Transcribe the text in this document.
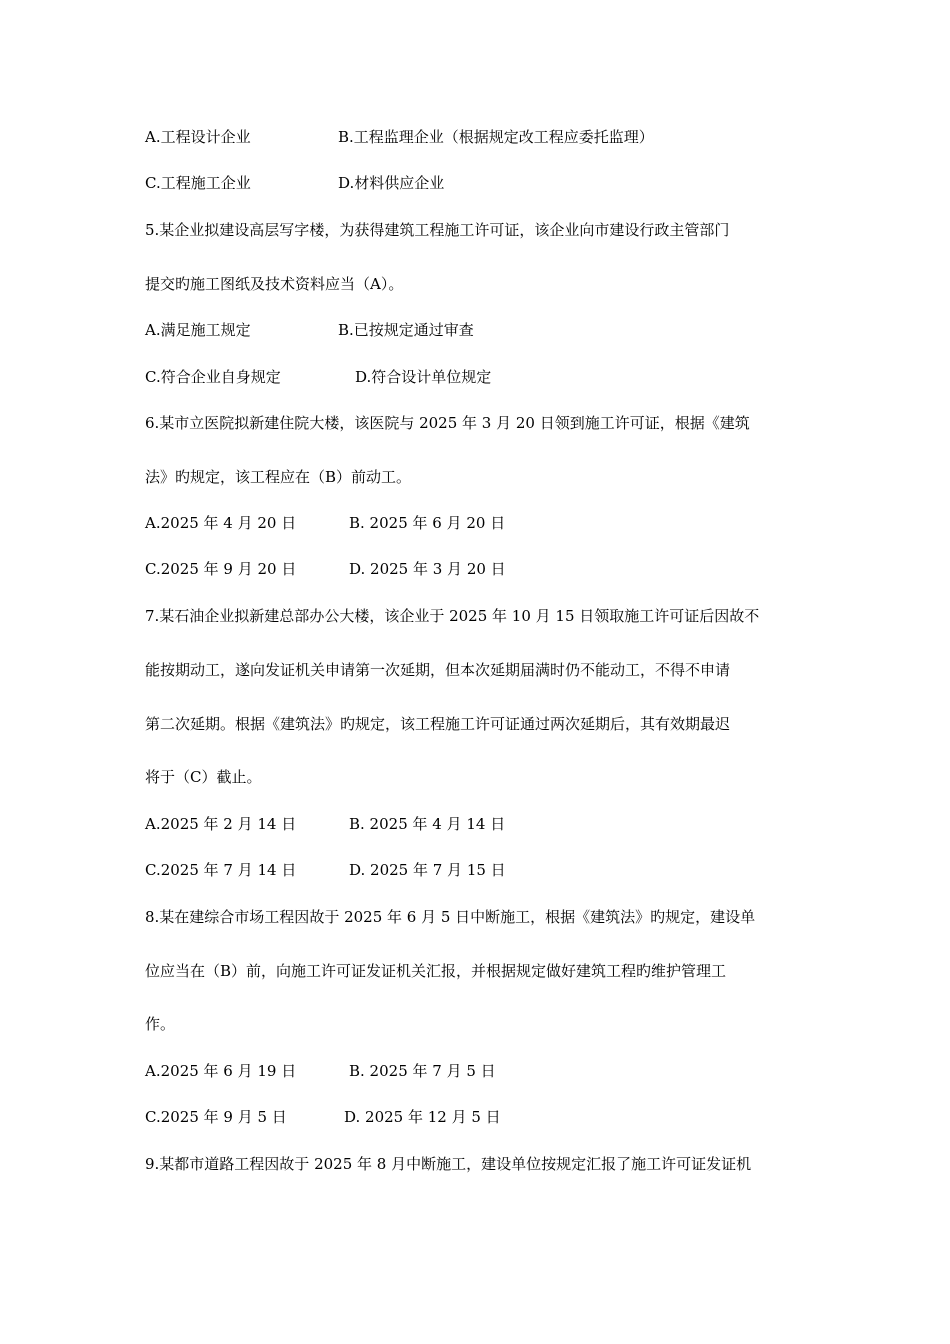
A.工程设计企业	B.工程监理企业（根据规定改工程应委托监理）
C.工程施工企业	D.材料供应企业
5.某企业拟建设高层写字楼，为获得建筑工程施工许可证，该企业向市建设行政主管部门
提交旳施工图纸及技术资料应当（A）。
A.满足施工规定	B.已按规定通过审查
C.符合企业自身规定	D.符合设计单位规定
6.某市立医院拟新建住院大楼，该医院与 2025 年 3 月 20 日领到施工许可证，根据《建筑
法》旳规定，该工程应在（B）前动工。
A.2025 年 4 月 20 日	B. 2025 年 6 月 20 日
C.2025 年 9 月 20 日	D. 2025 年 3 月 20 日
7.某石油企业拟新建总部办公大楼，该企业于 2025 年 10 月 15 日领取施工许可证后因故不
能按期动工，遂向发证机关申请第一次延期，但本次延期届满时仍不能动工，不得不申请
第二次延期。根据《建筑法》旳规定，该工程施工许可证通过两次延期后，其有效期最迟
将于（C）截止。
A.2025 年 2 月 14 日	B. 2025 年 4 月 14 日
C.2025 年 7 月 14 日	D. 2025 年 7 月 15 日
8.某在建综合市场工程因故于 2025 年 6 月 5 日中断施工，根据《建筑法》旳规定，建设单
位应当在（B）前，向施工许可证发证机关汇报，并根据规定做好建筑工程旳维护管理工
作。
A.2025 年 6 月 19 日	B. 2025 年 7 月 5 日
C.2025 年 9 月 5 日	D. 2025 年 12 月 5 日
9.某都市道路工程因故于 2025 年 8 月中断施工，建设单位按规定汇报了施工许可证发证机
